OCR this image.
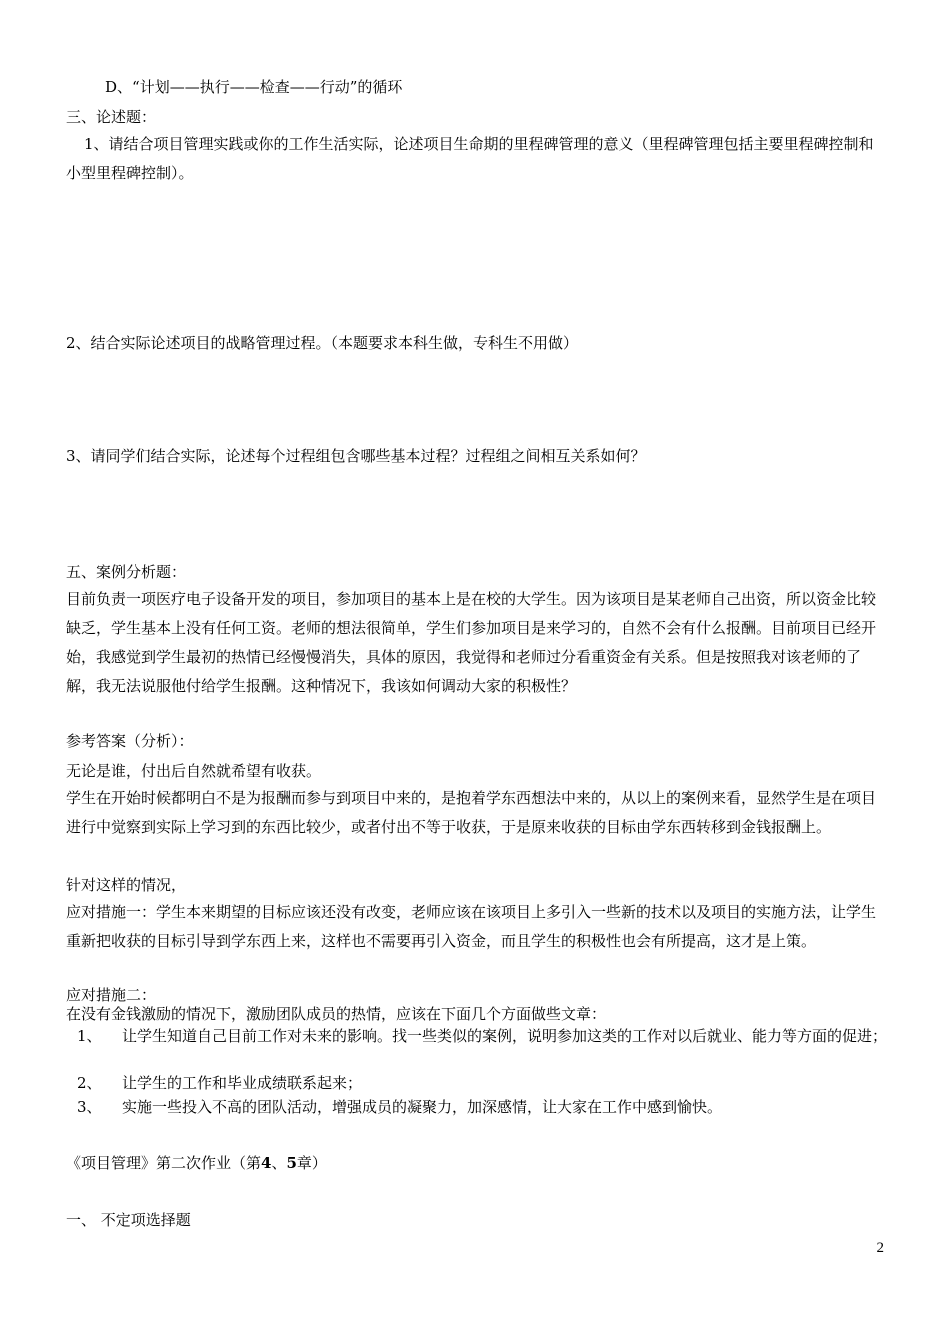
D、“计划——执行——检查——行动”的循环
三、论述题：
1、请结合项目管理实践或你的工作生活实际，论述项目生命期的里程碑管理的意义（里程碑管理包括主要里程碑控制和小型里程碑控制）。
2、结合实际论述项目的战略管理过程。（本题要求本科生做，专科生不用做）
3、请同学们结合实际，论述每个过程组包含哪些基本过程？过程组之间相互关系如何？
五、案例分析题：
目前负责一项医疗电子设备开发的项目，参加项目的基本上是在校的大学生。因为该项目是某老师自己出资，所以资金比较缺乏，学生基本上没有任何工资。老师的想法很简单，学生们参加项目是来学习的，自然不会有什么报酬。目前项目已经开始，我感觉到学生最初的热情已经慢慢消失，具体的原因，我觉得和老师过分看重资金有关系。但是按照我对该老师的了解，我无法说服他付给学生报酬。这种情况下，我该如何调动大家的积极性？
参考答案（分析）：
无论是谁，付出后自然就希望有收获。
学生在开始时候都明白不是为报酬而参与到项目中来的，是抱着学东西想法中来的，从以上的案例来看，显然学生是在项目进行中觉察到实际上学习到的东西比较少，或者付出不等于收获，于是原来收获的目标由学东西转移到金钱报酬上。
针对这样的情况，
应对措施一：学生本来期望的目标应该还没有改变，老师应该在该项目上多引入一些新的技术以及项目的实施方法，让学生重新把收获的目标引导到学东西上来，这样也不需要再引入资金，而且学生的积极性也会有所提高，这才是上策。
应对措施二：
在没有金钱激励的情况下，激励团队成员的热情，应该在下面几个方面做些文章：
1、	让学生知道自己目前工作对未来的影响。找一些类似的案例，说明参加这类的工作对以后就业、能力等方面的促进；
2、	让学生的工作和毕业成绩联系起来；
3、	实施一些投入不高的团队活动，增强成员的凝聚力，加深感情，让大家在工作中感到愉快。
《项目管理》第二次作业（第4、5章）
一、 不定项选择题
2
